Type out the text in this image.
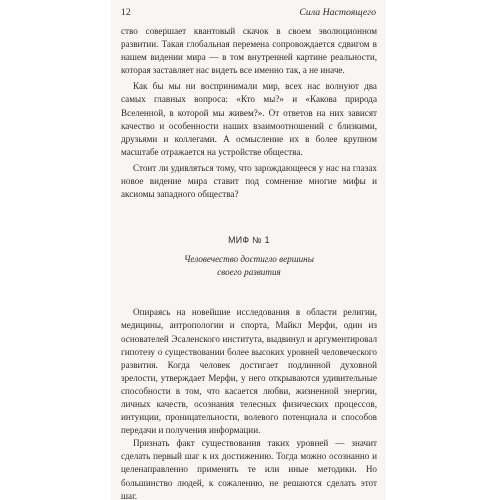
12	Сила Настоящего

ство совершает квантовый скачок в своем эволюционном развитии. Такая глобальная перемена сопровождается сдвигом в нашем видении мира — в том внутренней картине реальности, которая заставляет нас видеть все именно так, а не иначе.

Как бы мы ни воспринимали мир, всех нас волнуют два самых главных вопроса: «Кто мы?» и «Какова природа Вселенной, в которой мы живем?». От ответов на них зависят качество и особенности наших взаимоотношений с близкими, друзьями и коллегами. А осмысление их в более крупном масштабе отражается на устройстве общества.

Стоит ли удивляться тому, что зарождающееся у нас на глазах новое видение мира ставит под сомнение многие мифы и аксиомы западного общества?

МИФ № 1

Человечество достигло вершины

своего развития

Опираясь на новейшие исследования в области религии, медицины, антропологии и спорта, Майкл Мерфи, один из основателей Эсаленского института, выдвинул и аргументировал гипотезу о существовании более высоких уровней человеческого развития. Когда человек достигает подлинной духовной зрелости, утверждает Мерфи, у него открываются удивительные способности в том, что касается любви, жизненной энергии, личных качеств, осознания телесных физических процессов, интуиции, проницательности, волевого потенциала и способов передачи и получения информации.

Признать факт существования таких уровней — значит сделать первый шаг к их достижению. Тогда можно осознанно и целенаправленно применять те или иные методики. Но большинство людей, к сожалению, не решаются сделать этот шаг.
